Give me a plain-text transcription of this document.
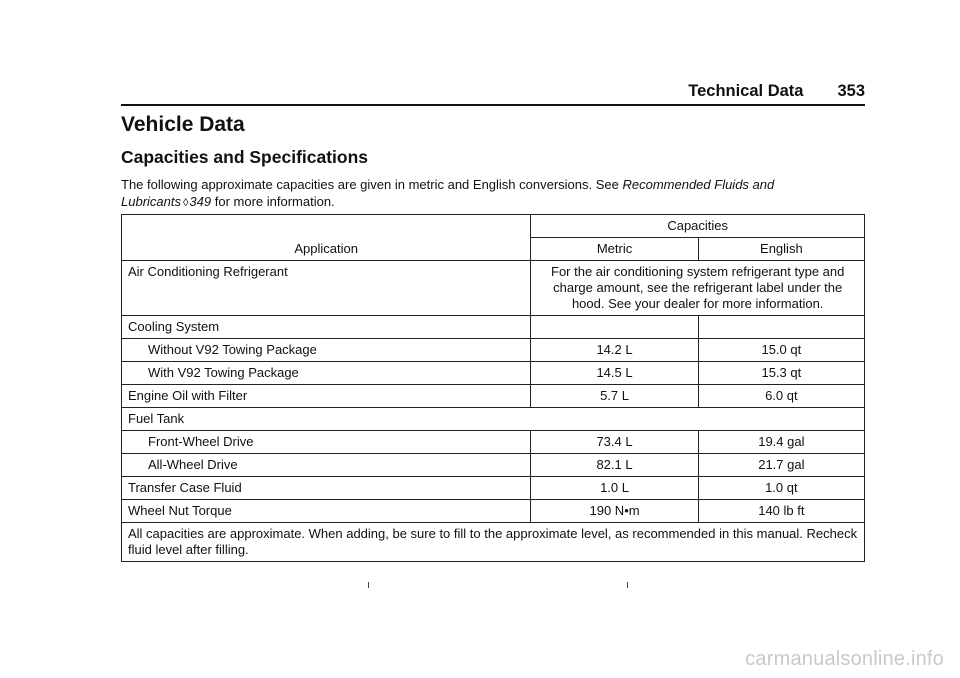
Technical Data 353
Vehicle Data
Capacities and Specifications

The following approximate capacities are given in metric and English conversions. See Recommended Fluids and Lubricants ◊349 for more information.

Application	Capacities	
	Metric	English
Air Conditioning Refrigerant	For the air conditioning system refrigerant type and charge amount, see the refrigerant label under the hood. See your dealer for more information.	
Cooling System		
Without V92 Towing Package	14.2 L	15.0 qt
With V92 Towing Package	14.5 L	15.3 qt
Engine Oil with Filter	5.7 L	6.0 qt
Fuel Tank		
Front-Wheel Drive	73.4 L	19.4 gal
All-Wheel Drive	82.1 L	21.7 gal
Transfer Case Fluid	1.0 L	1.0 qt
Wheel Nut Torque	190 N•m	140 lb ft
All capacities are approximate. When adding, be sure to fill to the approximate level, as recommended in this manual. Recheck fluid level after filling.		
carmanualsonline.info
